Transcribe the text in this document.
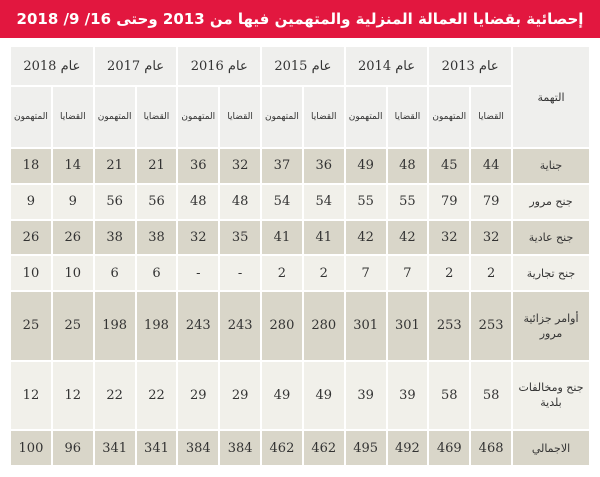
إحصائية بقضايا العمالة المنزلية والمتهمين فيها من 2013 وحتى 16/ 9/ 2018
التهمة	عام 2013		عام 2014		عام 2015		عام 2016		عام 2017		عام 2018	
	القضايا	المتهمون	القضايا	المتهمون	القضايا	المتهمون	القضايا	المتهمون	القضايا	المتهمون	القضايا	المتهمون
جناية	44	45	48	49	36	37	32	36	21	21	14	18
جنح مرور	79	79	55	55	54	54	48	48	56	56	9	9
جنح عادية	32	32	42	42	41	41	35	32	38	38	26	26
جنح تجارية	2	2	7	7	2	2	-	-	6	6	10	10
أوامر جزائية مرور	253	253	301	301	280	280	243	243	198	198	25	25
جنح ومخالفات بلدية	58	58	39	39	49	49	29	29	22	22	12	12
الاجمالي	468	469	492	495	462	462	384	384	341	341	96	100
